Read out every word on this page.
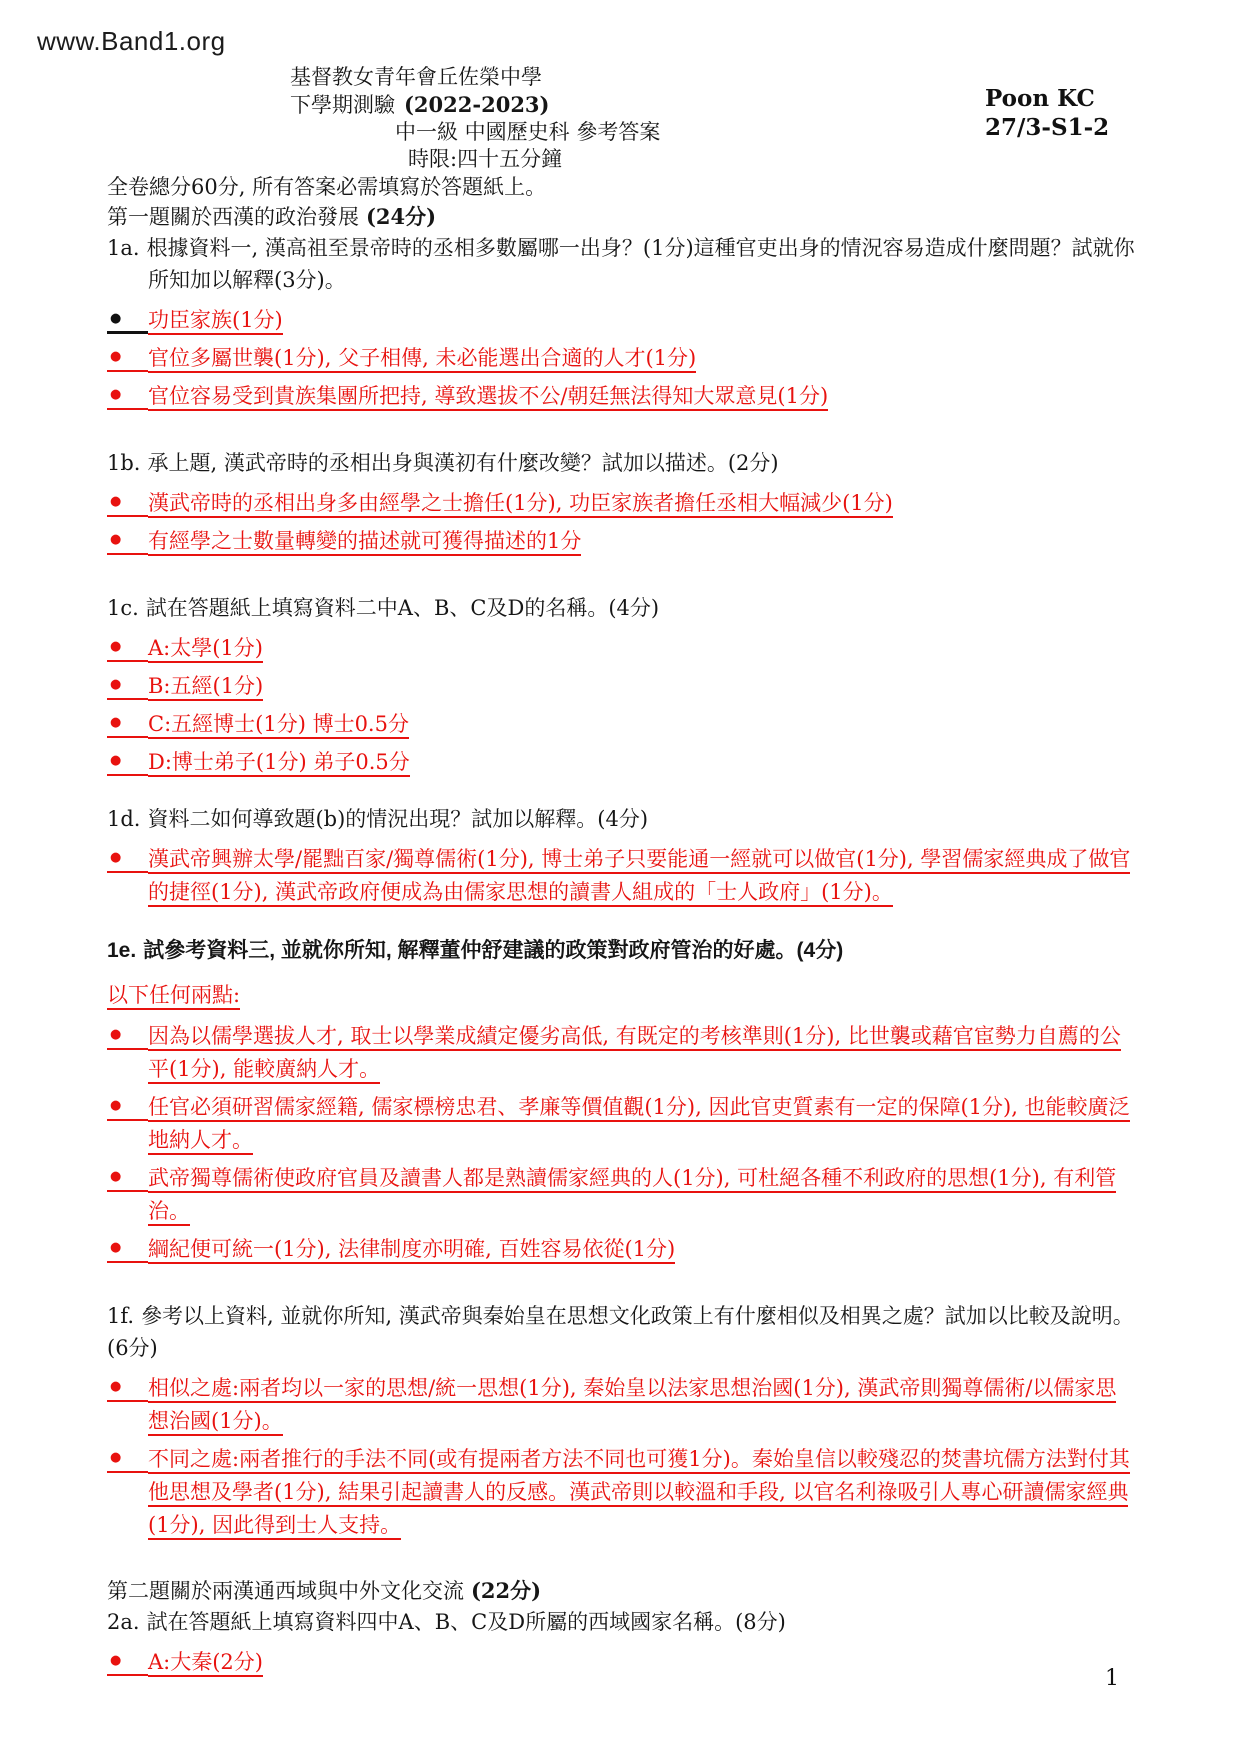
www.Band1.org
Poon KC
27/3-S1-2
基督教女青年會丘佐榮中學
下學期測驗 (2022-2023)
中一級 中國歷史科 參考答案
時限:四十五分鐘

全卷總分60分, 所有答案必需填寫於答題紙上。

第一題關於西漢的政治發展 (24分)

1a. 根據資料一, 漢高祖至景帝時的丞相多數屬哪一出身？(1分)這種官吏出身的情況容易造成什麼問題？試就你所知加以解釋(3分)。

●	功臣家族(1分)
●	官位多屬世襲(1分), 父子相傳, 未必能選出合適的人才(1分)
●	官位容易受到貴族集團所把持, 導致選拔不公/朝廷無法得知大眾意見(1分)

1b. 承上題, 漢武帝時的丞相出身與漢初有什麼改變？試加以描述。(2分)

●	漢武帝時的丞相出身多由經學之士擔任(1分), 功臣家族者擔任丞相大幅減少(1分)
●	有經學之士數量轉變的描述就可獲得描述的1分

1c. 試在答題紙上填寫資料二中A、B、C及D的名稱。(4分)

●	A:太學(1分)
●	B:五經(1分)
●	C:五經博士(1分) 博士0.5分
●	D:博士弟子(1分) 弟子0.5分

1d. 資料二如何導致題(b)的情況出現？試加以解釋。(4分)

●	漢武帝興辦太學/罷黜百家/獨尊儒術(1分), 博士弟子只要能通一經就可以做官(1分), 學習儒家經典成了做官的捷徑(1分), 漢武帝政府便成為由儒家思想的讀書人組成的「士人政府」(1分)。

1e. 試參考資料三, 並就你所知, 解釋董仲舒建議的政策對政府管治的好處。(4分)

以下任何兩點:

●	因為以儒學選拔人才, 取士以學業成績定優劣高低, 有既定的考核準則(1分), 比世襲或藉官宦勢力自薦的公平(1分), 能較廣納人才。
●	任官必須研習儒家經籍, 儒家標榜忠君、孝廉等價值觀(1分), 因此官吏質素有一定的保障(1分), 也能較廣泛地納人才。
●	武帝獨尊儒術使政府官員及讀書人都是熟讀儒家經典的人(1分), 可杜絕各種不利政府的思想(1分), 有利管治。
●	綱紀便可統一(1分), 法律制度亦明確, 百姓容易依從(1分)

1f. 參考以上資料, 並就你所知, 漢武帝與秦始皇在思想文化政策上有什麼相似及相異之處？試加以比較及說明。(6分)

●	相似之處:兩者均以一家的思想/統一思想(1分), 秦始皇以法家思想治國(1分), 漢武帝則獨尊儒術/以儒家思想治國(1分)。
●	不同之處:兩者推行的手法不同(或有提兩者方法不同也可獲1分)。秦始皇信以較殘忍的焚書坑儒方法對付其他思想及學者(1分), 結果引起讀書人的反感。漢武帝則以較溫和手段, 以官名利祿吸引人專心研讀儒家經典(1分), 因此得到士人支持。

第二題關於兩漢通西域與中外文化交流 (22分)

2a. 試在答題紙上填寫資料四中A、B、C及D所屬的西域國家名稱。(8分)

●	A:大秦(2分)
1
